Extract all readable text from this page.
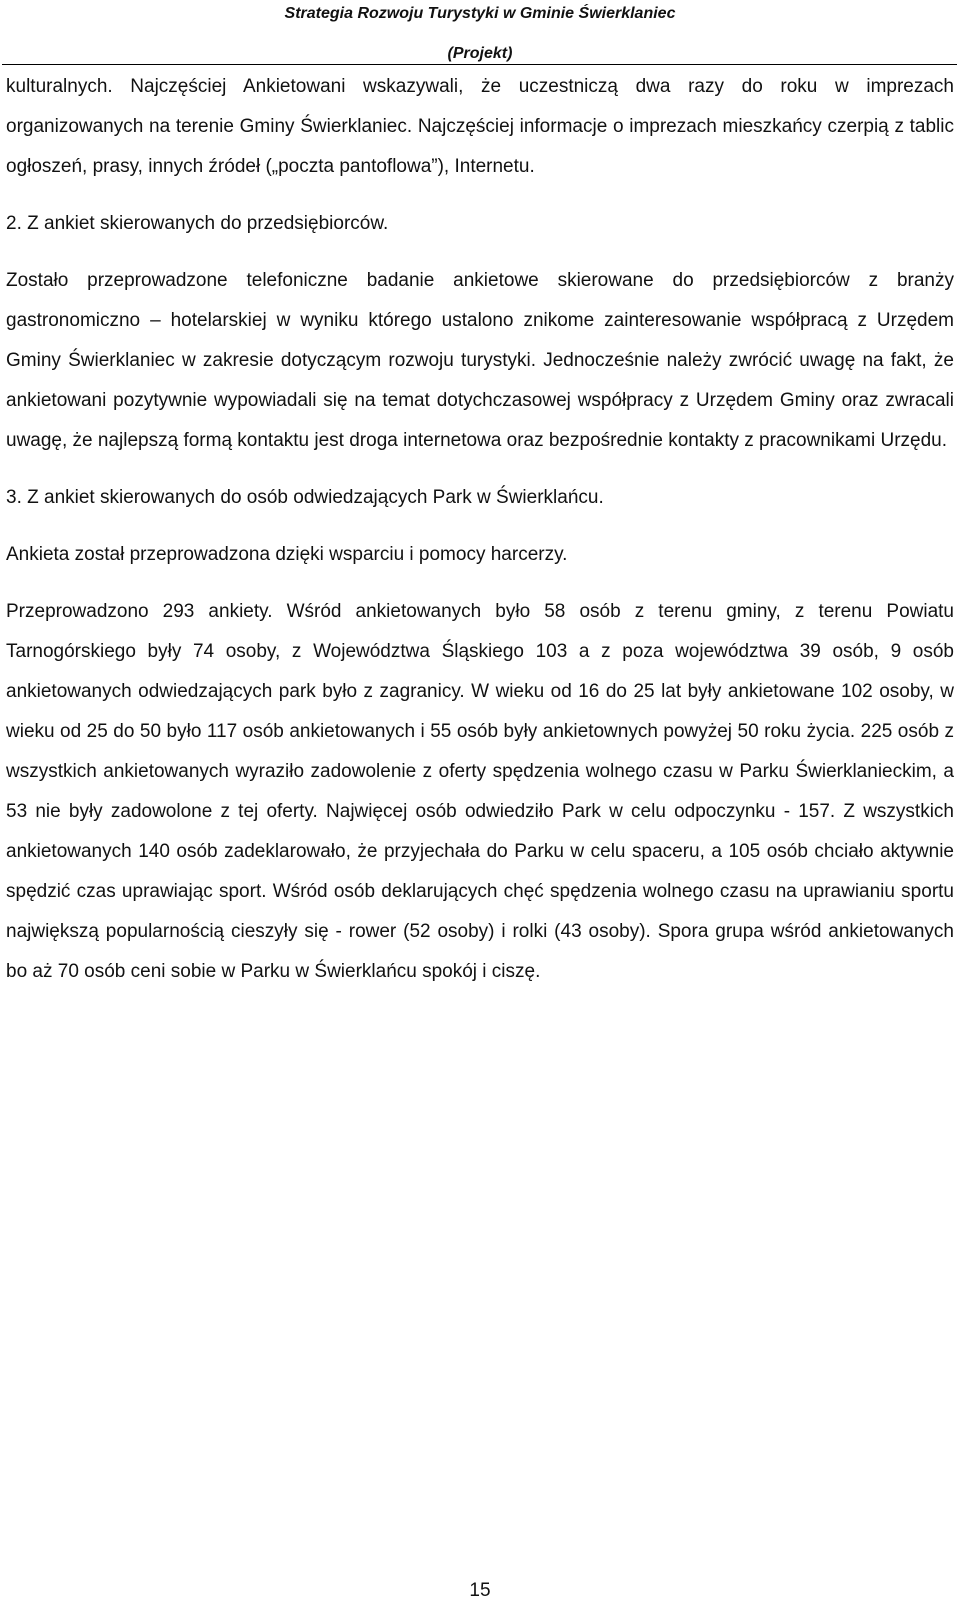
Strategia Rozwoju Turystyki w Gminie Świerklaniec
(Projekt)

kulturalnych. Najczęściej Ankietowani wskazywali, że uczestniczą dwa razy do roku w imprezach organizowanych na terenie Gminy Świerklaniec. Najczęściej informacje o imprezach mieszkańcy czerpią z tablic ogłoszeń, prasy, innych źródeł („poczta pantoflowa”), Internetu.

2. Z ankiet skierowanych do przedsiębiorców.

Zostało przeprowadzone telefoniczne badanie ankietowe skierowane do przedsiębiorców z branży gastronomiczno – hotelarskiej w wyniku którego ustalono znikome zainteresowanie współpracą z Urzędem Gminy Świerklaniec w zakresie dotyczącym rozwoju turystyki. Jednocześnie należy zwrócić uwagę na fakt, że ankietowani pozytywnie wypowiadali się na temat dotychczasowej współpracy z Urzędem Gminy oraz zwracali uwagę, że najlepszą formą kontaktu jest droga internetowa oraz bezpośrednie kontakty z pracownikami Urzędu.

3. Z ankiet skierowanych do osób odwiedzających Park w Świerklańcu.

Ankieta został przeprowadzona dzięki wsparciu i pomocy harcerzy.

Przeprowadzono 293 ankiety. Wśród ankietowanych było 58 osób z terenu gminy, z terenu Powiatu Tarnogórskiego były 74 osoby, z Województwa Śląskiego 103 a z poza województwa 39 osób, 9 osób ankietowanych odwiedzających park było z zagranicy. W wieku od 16 do 25 lat były ankietowane 102 osoby, w wieku od 25 do 50 było 117 osób ankietowanych i 55 osób były ankietownych powyżej 50 roku życia. 225 osób z wszystkich ankietowanych wyraziło zadowolenie z oferty spędzenia wolnego czasu w Parku Świerklanieckim, a 53 nie były zadowolone z tej oferty. Najwięcej osób odwiedziło Park w celu odpoczynku - 157. Z wszystkich ankietowanych 140 osób zadeklarowało, że przyjechała do Parku w celu spaceru, a 105 osób chciało aktywnie spędzić czas uprawiając sport. Wśród osób deklarujących chęć spędzenia wolnego czasu na uprawianiu sportu największą popularnością cieszyły się - rower (52 osoby) i rolki (43 osoby). Spora grupa wśród ankietowanych bo aż 70 osób ceni sobie w Parku w Świerklańcu spokój i ciszę.

15
